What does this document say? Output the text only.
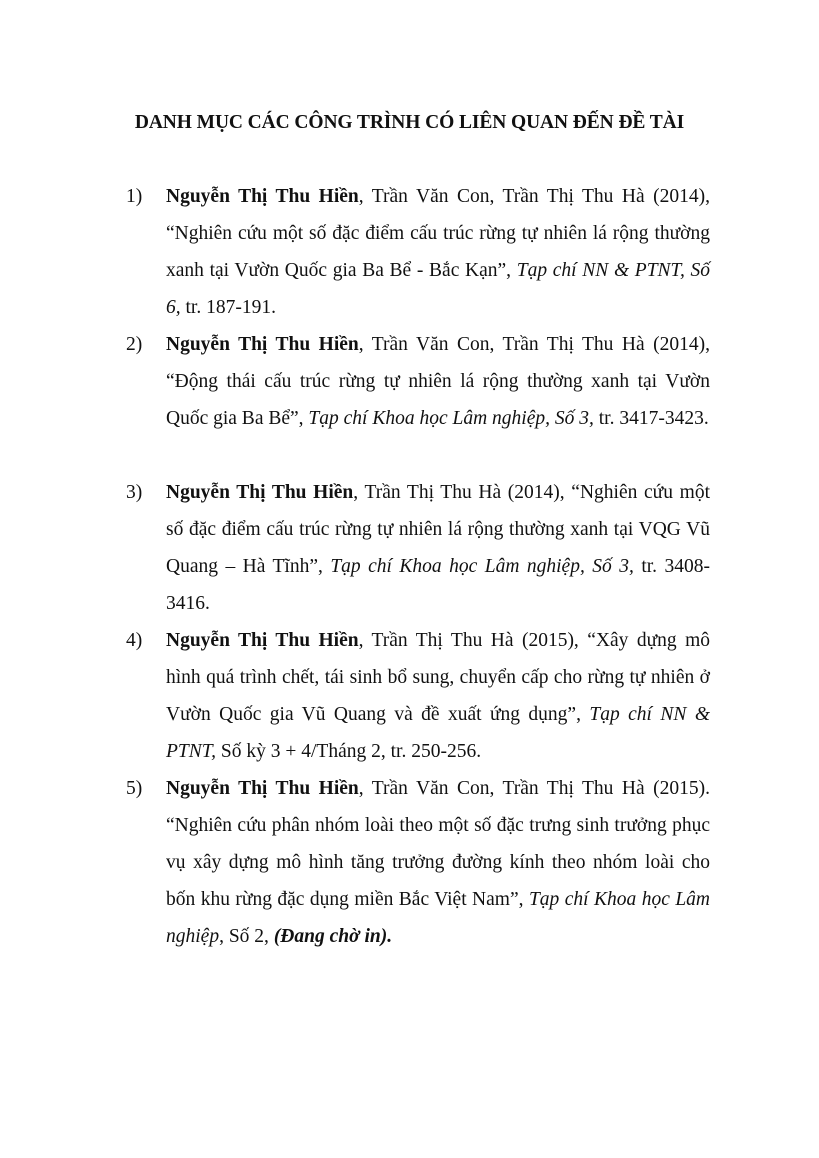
DANH MỤC CÁC CÔNG TRÌNH CÓ LIÊN QUAN ĐẾN ĐỀ TÀI
1) Nguyễn Thị Thu Hiền, Trần Văn Con, Trần Thị Thu Hà (2014), “Nghiên cứu một số đặc điểm cấu trúc rừng tự nhiên lá rộng thường xanh tại Vườn Quốc gia Ba Bể - Bắc Kạn”, Tạp chí NN & PTNT, Số 6, tr. 187-191.

2) Nguyễn Thị Thu Hiền, Trần Văn Con, Trần Thị Thu Hà (2014), “Động thái cấu trúc rừng tự nhiên lá rộng thường xanh tại Vườn Quốc gia Ba Bể”, Tạp chí Khoa học Lâm nghiệp, Số 3, tr. 3417-3423.

3) Nguyễn Thị Thu Hiền, Trần Thị Thu Hà (2014), “Nghiên cứu một số đặc điểm cấu trúc rừng tự nhiên lá rộng thường xanh tại VQG Vũ Quang – Hà Tĩnh”, Tạp chí Khoa học Lâm nghiệp, Số 3, tr. 3408-3416.

4) Nguyễn Thị Thu Hiền, Trần Thị Thu Hà (2015), “Xây dựng mô hình quá trình chết, tái sinh bổ sung, chuyển cấp cho rừng tự nhiên ở Vườn Quốc gia Vũ Quang và đề xuất ứng dụng”, Tạp chí NN & PTNT, Số kỳ 3 + 4/Tháng 2, tr. 250-256.

5) Nguyễn Thị Thu Hiền, Trần Văn Con, Trần Thị Thu Hà (2015). “Nghiên cứu phân nhóm loài theo một số đặc trưng sinh trưởng phục vụ xây dựng mô hình tăng trưởng đường kính theo nhóm loài cho bốn khu rừng đặc dụng miền Bắc Việt Nam”, Tạp chí Khoa học Lâm nghiệp, Số 2, (Đang chờ in).
